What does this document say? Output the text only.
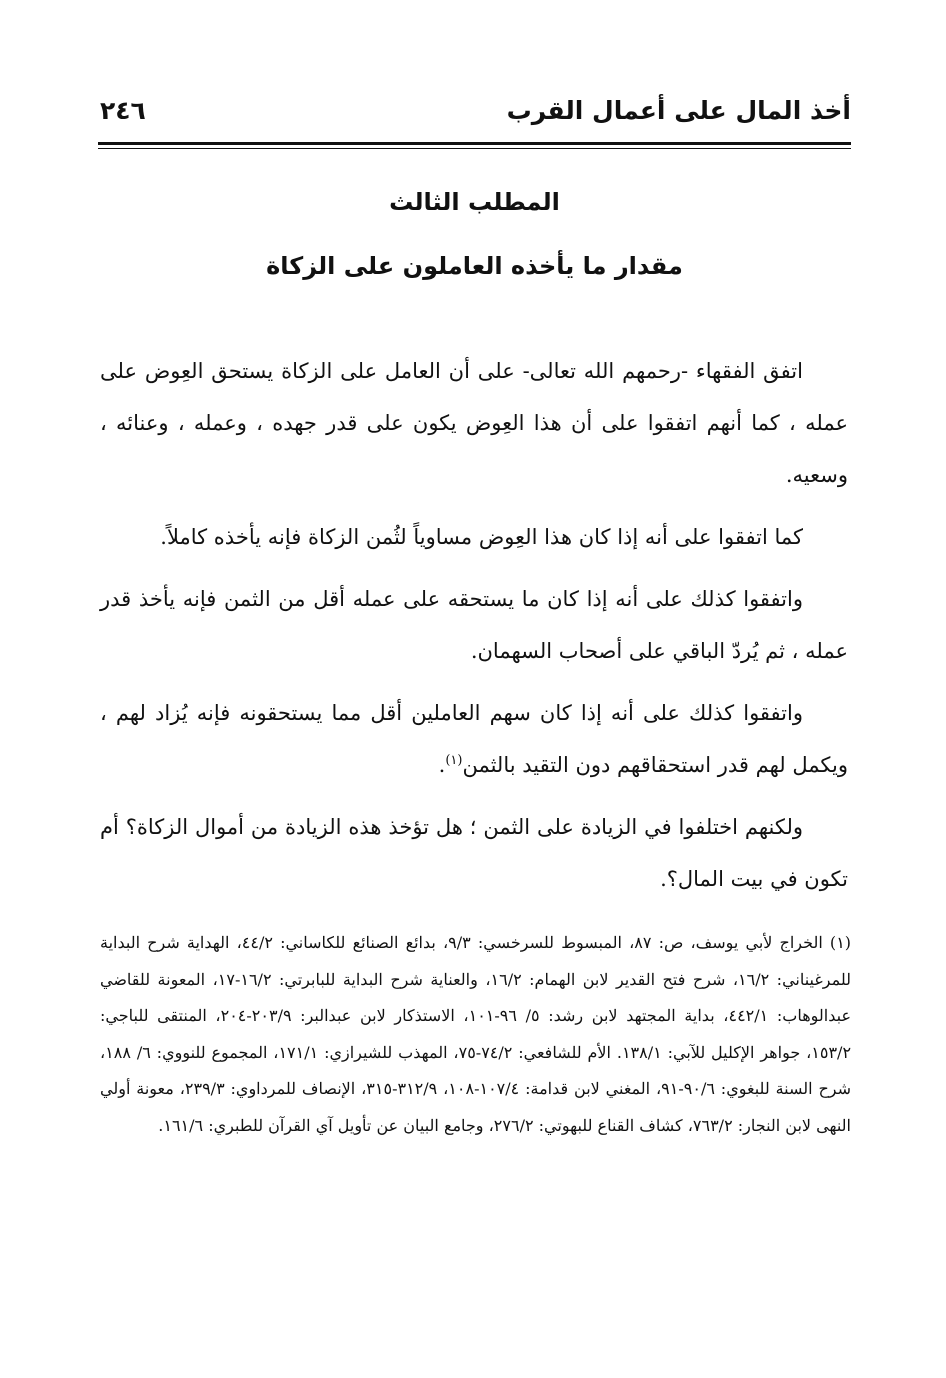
أخذ المال على أعمال القرب
٢٤٦
المطلب الثالث
مقدار ما يأخذه العاملون على الزكاة

اتفق الفقهاء -رحمهم الله تعالى- على أن العامل على الزكاة يستحق العِوض على عمله ، كما أنهم اتفقوا على أن هذا العِوض يكون على قدر جهده ، وعمله ، وعنائه ، وسعيه.

كما اتفقوا على أنه إذا كان هذا العِوض مساوياً لثُمن الزكاة فإنه يأخذه كاملاً.

واتفقوا كذلك على أنه إذا كان ما يستحقه على عمله أقل من الثمن فإنه يأخذ قدر عمله ، ثم يُردّ الباقي على أصحاب السهمان.

واتفقوا كذلك على أنه إذا كان سهم العاملين أقل مما يستحقونه فإنه يُزاد لهم ، ويكمل لهم قدر استحقاقهم دون التقيد بالثمن$^{(١)}$.

ولكنهم اختلفوا في الزيادة على الثمن ؛ هل تؤخذ هذه الزيادة من أموال الزكاة؟ أم تكون في بيت المال؟.

(١) الخراج لأبي يوسف، ص: ٨٧، المبسوط للسرخسي: ٩/٣، بدائع الصنائع للكاساني: ٤٤/٢، الهداية شرح البداية للمرغيناني: ١٦/٢، شرح فتح القدير لابن الهمام: ١٦/٢، والعناية شرح البداية للبابرتي: ١٦/٢-١٧، المعونة للقاضي عبدالوهاب: ٤٤٢/١، بداية المجتهد لابن رشد: ٥/ ٩٦-١٠١، الاستذكار لابن عبدالبر: ٢٠٣/٩-٢٠٤، المنتقى للباجي: ١٥٣/٢، جواهر الإكليل للآبي: ١٣٨/١. الأم للشافعي: ٧٤/٢-٧٥، المهذب للشيرازي: ١٧١/١، المجموع للنووي: ٦/ ١٨٨، شرح السنة للبغوي: ٩٠/٦-٩١، المغني لابن قدامة: ١٠٧/٤-١٠٨، ٣١٢/٩-٣١٥، الإنصاف للمرداوي: ٢٣٩/٣، معونة أولي النهى لابن النجار: ٧٦٣/٢، كشاف القناع للبهوتي: ٢٧٦/٢، وجامع البيان عن تأويل آي القرآن للطبري: ١٦١/٦.
